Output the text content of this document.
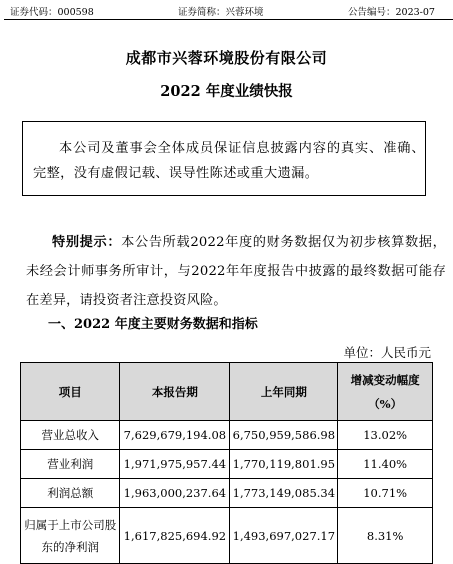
证券代码：000598	证券简称：兴蓉环境	公告编号：2023-07
成都市兴蓉环境股份有限公司
2022 年度业绩快报
本公司及董事会全体成员保证信息披露内容的真实、准确、完整，没有虚假记载、误导性陈述或重大遗漏。
特别提示：本公告所载2022年度的财务数据仅为初步核算数据，未经会计师事务所审计，与2022年年度报告中披露的最终数据可能存在差异，请投资者注意投资风险。
一、2022 年度主要财务数据和指标
单位：人民币元
项目	本报告期	上年同期	增减变动幅度
（%）

营业总收入	7,629,679,194.08	6,750,959,586.98	13.02%
营业利润	1,971,975,957.44	1,770,119,801.95	11.40%
利润总额	1,963,000,237.64	1,773,149,085.34	10.71%

归属于上市公司股
东的净利润	1,617,825,694.92	1,493,697,027.17	8.31%
